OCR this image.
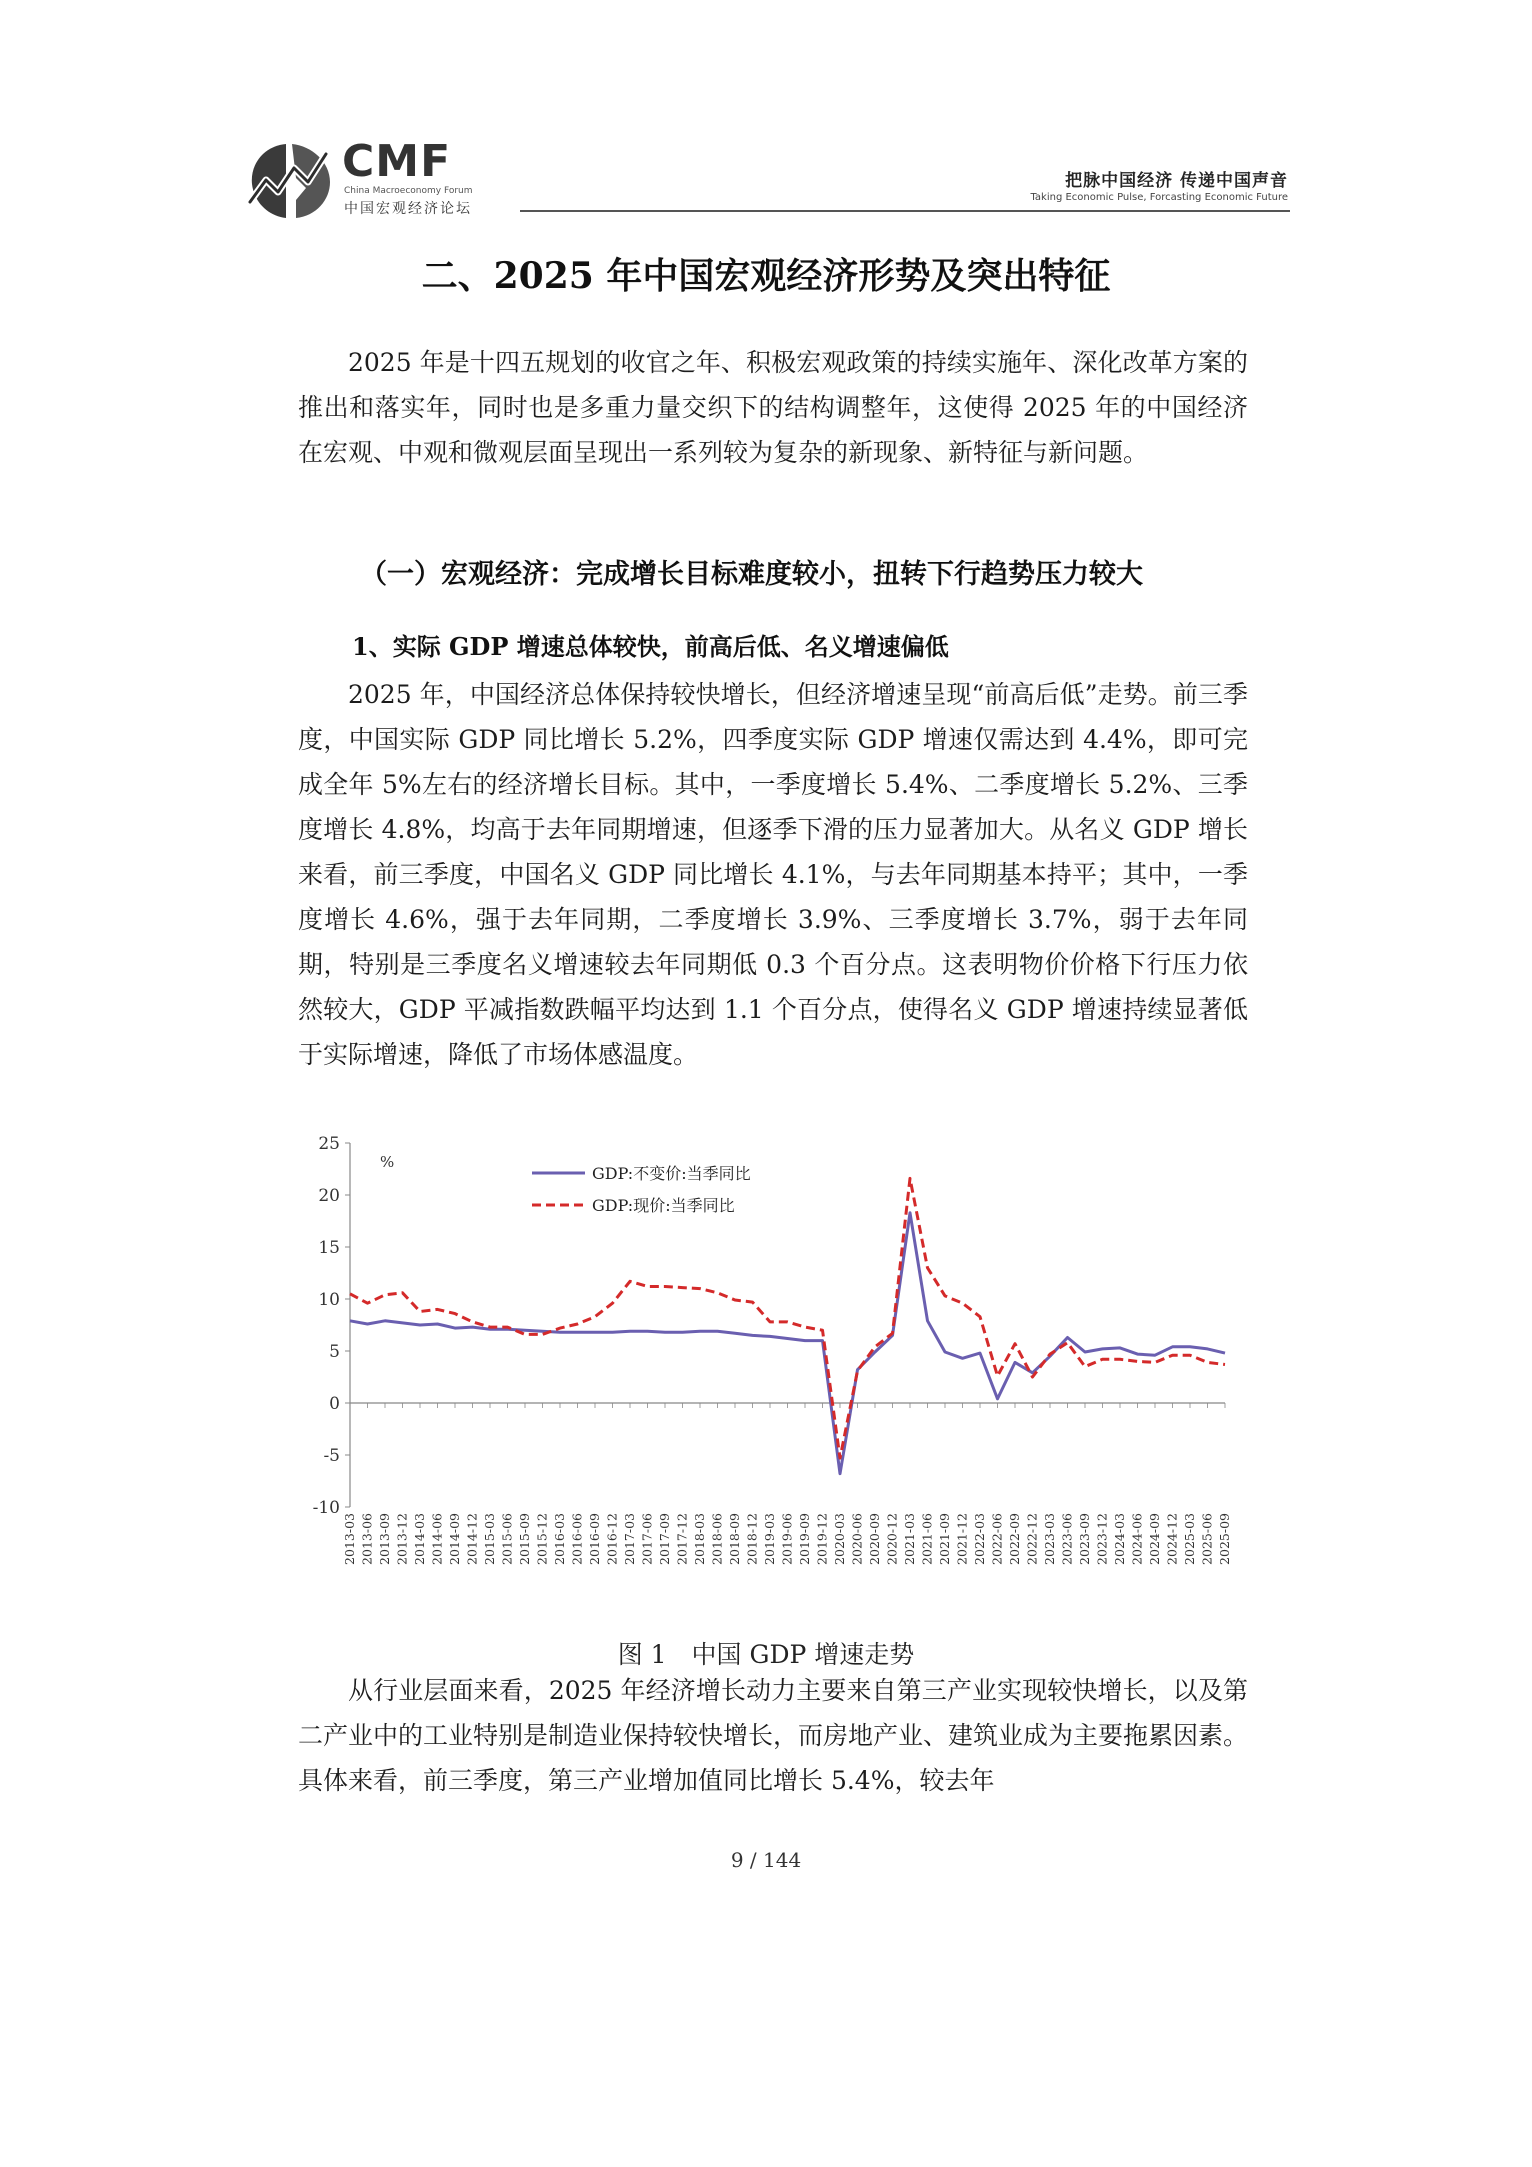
CMF
China Macroeconomy Forum
中国宏观经济论坛
把脉中国经济 传递中国声音
Taking Economic Pulse, Forcasting Economic Future
二、2025 年中国宏观经济形势及突出特征
2025 年是十四五规划的收官之年、积极宏观政策的持续实施年、深化改革方案的推出和落实年，同时也是多重力量交织下的结构调整年，这使得 2025 年的中国经济在宏观、中观和微观层面呈现出一系列较为复杂的新现象、新特征与新问题。
（一）宏观经济：完成增长目标难度较小，扭转下行趋势压力较大
1、实际 GDP 增速总体较快，前高后低、名义增速偏低
2025 年，中国经济总体保持较快增长，但经济增速呈现“前高后低”走势。前三季度，中国实际 GDP 同比增长 5.2%，四季度实际 GDP 增速仅需达到 4.4%，即可完成全年 5%左右的经济增长目标。其中，一季度增长 5.4%、二季度增长 5.2%、三季度增长 4.8%，均高于去年同期增速，但逐季下滑的压力显著加大。从名义 GDP 增长来看，前三季度，中国名义 GDP 同比增长 4.1%，与去年同期基本持平；其中，一季度增长 4.6%，强于去年同期，二季度增长 3.9%、三季度增长 3.7%，弱于去年同期，特别是三季度名义增速较去年同期低 0.3 个百分点。这表明物价价格下行压力依然较大，GDP 平减指数跌幅平均达到 1.1 个百分点，使得名义 GDP 增速持续显著低于实际增速，降低了市场体感温度。
-10
-5
0
5
10
15
20
25
2013-03 2013-06 2013-09 2013-12 2014-03 2014-06 2014-09 2014-12 2015-03 2015-06 2015-09 2015-12 2016-03 2016-06 2016-09 2016-12 2017-03 2017-06 2017-09 2017-12 2018-03 2018-06 2018-09 2018-12 2019-03 2019-06 2019-09 2019-12 2020-03 2020-06 2020-09 2020-12 2021-03 2021-06 2021-09 2021-12 2022-03 2022-06 2022-09 2022-12 2023-03 2023-06 2023-09 2023-12 2024-03 2024-06 2024-09 2024-12 2025-03 2025-06 2025-09
%
GDP:不变价:当季同比
GDP:现价:当季同比
图 1　中国 GDP 增速走势
从行业层面来看，2025 年经济增长动力主要来自第三产业实现较快增长，以及第二产业中的工业特别是制造业保持较快增长，而房地产业、建筑业成为主要拖累因素。具体来看，前三季度，第三产业增加值同比增长 5.4%，较去年
9 / 144
